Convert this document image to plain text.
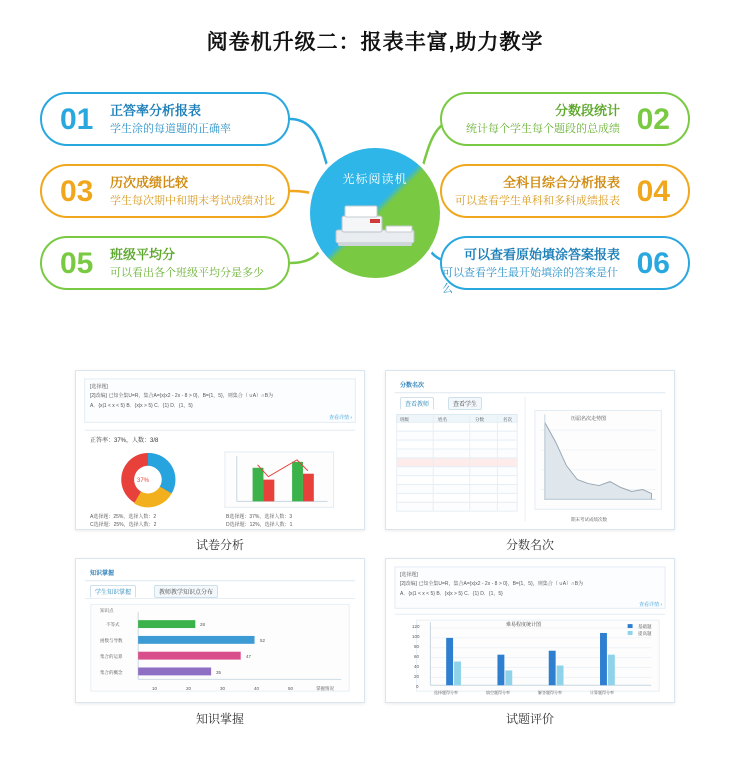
阅卷机升级二：报表丰富,助力教学
光标阅读机
01 正答率分析报表
学生涂的每道题的正确率
03 历次成绩比较
学生每次期中和期末考试成绩对比
05 班级平均分
可以看出各个班级平均分是多少
02
分数段统计
统计每个学生每个题段的总成绩
04
全科目综合分析报表
可以查看学生单科和多科成绩报表
06
可以查看原始填涂答案报表
可以查看学生最开始填涂的答案是什么
[选择题]
[2]改编] 已知全集U=R，集合A={x|x2 - 2x - 8 > 0}，B={1，5}，则集合（ ∪A）∩B为
A．{x|1 < x < 5} B．{x|x > 5} C．{1} D．{1，5}
查看详情 ›
正答率：37%，人数：3/8
37%
A选择题：25%，选择人数：2	B选择题：37%，选择人数：3
C选择题：25%，选择人数：2	D选择题：12%，选择人数：1
试卷分析
分数名次
查看教师	查看学生
班级	姓名	分数	名次	历届名次走势图
期末考试成绩次数
分数名次
知识掌握
学生知识掌握	教师教学知识点分布
知识点
不等式
函数与导数
集合的运算
集合的概念
28
52
47
35
10	20	30	40	50	掌握情况
知识掌握
[选择题]
[2]改编] 已知全集U=R，集合A={x|x2 - 2x - 8 > 0}，B={1，5}，则集合（ ∪A）∩B为
A．{x|1 < x < 5} B．{x|x > 5} C．{1} D．{1，5}
查看详情 ›
难易程度统计图	基础题
提高题
0
20
40
60
80
100
120
选择题得分率	填空题得分率	解答题得分率	计算题得分率
试题评价
